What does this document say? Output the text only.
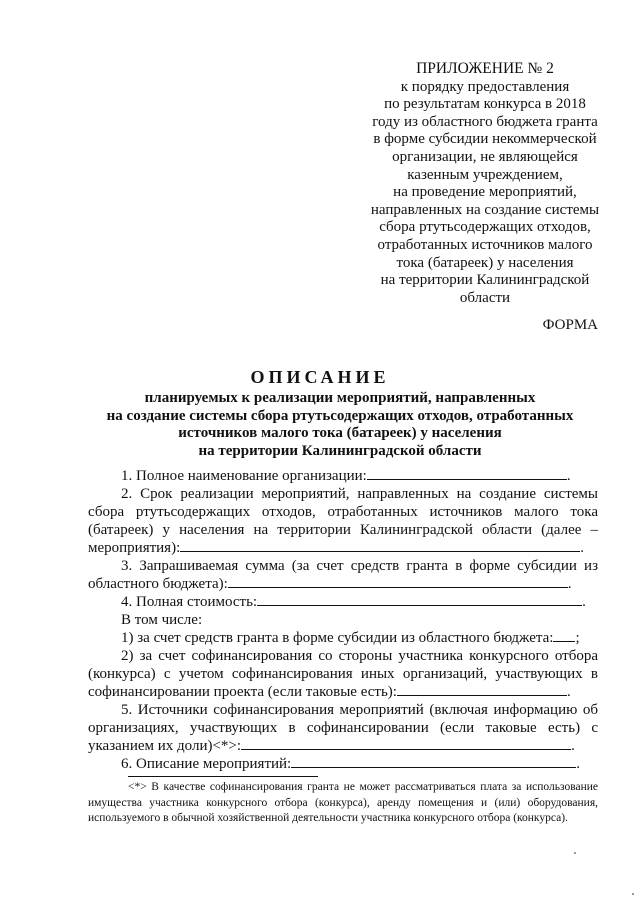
ПРИЛОЖЕНИЕ № 2
к порядку предоставления
по результатам конкурса в 2018
году из областного бюджета гранта
в форме субсидии некоммерческой
организации, не являющейся
казенным учреждением,
на проведение мероприятий,
направленных на создание системы
сбора ртутьсодержащих отходов,
отработанных источников малого
тока (батареек) у населения
на территории Калининградской
области
ФОРМА
ОПИСАНИЕ
планируемых к реализации мероприятий, направленных
на создание системы сбора ртутьсодержащих отходов, отработанных
источников малого тока (батареек) у населения
на территории Калининградской области

1. Полное наименование организации:	.

2. Срок реализации мероприятий, направленных на создание системы сбора ртутьсодержащих отходов, отработанных источников малого тока (батареек) у населения на территории Калининградской области (далее – мероприятия):	.

3. Запрашиваемая сумма (за счет средств гранта в форме субсидии из областного бюджета):	.

4. Полная стоимость:	.

В том числе:

1) за счет средств гранта в форме субсидии из областного бюджета: ;

2) за счет софинансирования со стороны участника конкурсного отбора (конкурса) с учетом софинансирования иных организаций, участвующих в софинансировании проекта (если таковые есть):	.

5. Источники софинансирования мероприятий (включая информацию об организациях, участвующих в софинансировании (если таковые есть) с указанием их доли)<*>:	.

6. Описание мероприятий:	.

<*> В качестве софинансирования гранта не может рассматриваться плата за использование имущества участника конкурсного отбора (конкурса), аренду помещения и (или) оборудования, используемого в обычной хозяйственной деятельности участника конкурсного отбора (конкурса).
